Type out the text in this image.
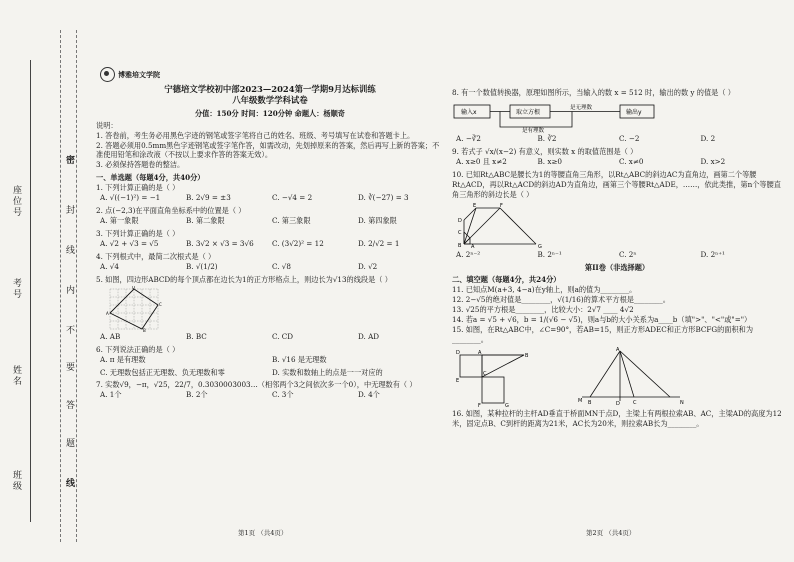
班级
姓名
考号
座位号
密
封
线
内
不
要
答
题
线
博雅培文学院
宁德培文学校初中部2023—2024第一学期9月达标训练
八年级数学学科试卷
分值：150分 时间：120分钟 命题人：杨顺奇
说明：
1. 答卷前，考生务必用黑色字迹的钢笔或签字笔将自己的姓名、班级、考号填写在试卷和答题卡上。
2. 答题必须用0.5mm黑色字迹钢笔或签字笔作答，如需改动，先划掉原来的答案，然后再写上新的答案；不准使用铅笔和涂改液（不按以上要求作答的答案无效）。
3. 必须保持答题卷的整洁。
一、单选题（每题4分，共40分）
1. 下列计算正确的是（ ）
A. √((−1)²) = −1	B. 2√9 = ±3	C. −√4 = 2	D. ∛(−27) = 3
2. 点(−2,3)在平面直角坐标系中的位置是（ ）
A. 第一象限	B. 第二象限	C. 第三象限	D. 第四象限
3. 下列计算正确的是（ ）
A. √2 + √3 = √5	B. 3√2 × √3 = 3√6	C. (3√2)² = 12	D. 2/√2 = 1
4. 下列根式中，最简二次根式是（ ）
A. √4	B. √(1/2)	C. √8	D. √2
5. 如图，四边形ABCD的每个顶点都在边长为1的正方形格点上，则边长为√13的线段是（ ）
D
C
B
A
A. AB	B. BC	C. CD	D. AD
6. 下列说法正确的是（ ）
A. π 是有理数	B. √16 是无理数
C. 无理数包括正无理数、负无理数和零	D. 实数和数轴上的点是一一对应的
7. 实数√9，−π，√25，22/7，0.3030003003…（相邻两个3之间依次多一个0），中无理数有（ ）
A. 1个	B. 2个	C. 3个	D. 4个
8. 有一个数值转换器，原理如图所示，当输入的数 x = 512 时，输出的数 y 的值是（ ）
输入x	取立方根
是无理数
输出y
是有理数
A. −∛2	B. ∛2	C. −2	D. 2
9. 若式子 √x/(x−2) 有意义，则实数 x 的取值范围是（ ）
A. x≥0 且 x≠2	B. x≥0	C. x≠0	D. x>2
10. 已知Rt△ABC是腰长为1的等腰直角三角形，以Rt△ABC的斜边AC为直角边，画第二个等腰Rt△ACD，再以Rt△ACD的斜边AD为直角边，画第三个等腰Rt△ADE，……，依此类推，第n个等腰直角三角形的斜边长是（ ）
B A
C
D
E	F
G
A. 2ⁿ⁻²	B. 2ⁿ⁻¹	C. 2ⁿ	D. 2ⁿ⁺¹
第II卷（非选择题）
二、填空题（每题4分，共24分）
11. 已知点M(a+3, 4−a)在y轴上，则a的值为________。
12. 2−√5的绝对值是________，√(1/16)的算术平方根是________。
13. √25的平方根是________，比较大小：2√7 ____ 4√2
14. 若a = √5 + √6，b = 1/(√6 − √5)，则a与b的大小关系为a____b（填">"、"<"或"="）
15. 如图，在Rt△ABC中，∠C=90°，若AB=15，则正方形ADEC和正方形BCFG的面积和为________。
D
E
A
C
B
F	G
A
M B	D	C	N
16. 如图，某种拉杆的主杆AD垂直于桥面MN于点D，主梁上有两根拉索AB、AC，主梁AD的高度为12米，固定点B、C到杆的距离为21米，AC长为20米，则拉索AB长为________。
第1页 （共4页）	第2页 （共4页）
